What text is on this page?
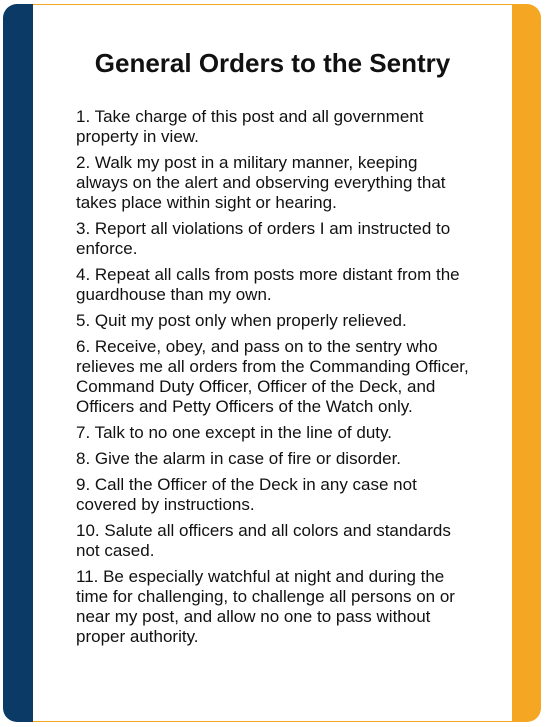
General Orders to the Sentry
1. Take charge of this post and all government property in view.
2. Walk my post in a military manner, keeping always on the alert and observing everything that takes place within sight or hearing.
3. Report all violations of orders I am instructed to enforce.
4. Repeat all calls from posts more distant from the guardhouse than my own.
5. Quit my post only when properly relieved.
6. Receive, obey, and pass on to the sentry who relieves me all orders from the Commanding Officer, Command Duty Officer, Officer of the Deck, and Officers and Petty Officers of the Watch only.
7. Talk to no one except in the line of duty.
8. Give the alarm in case of fire or disorder.
9. Call the Officer of the Deck in any case not covered by instructions.
10. Salute all officers and all colors and standards not cased.
11. Be especially watchful at night and during the time for challenging, to challenge all persons on or near my post, and allow no one to pass without proper authority.
